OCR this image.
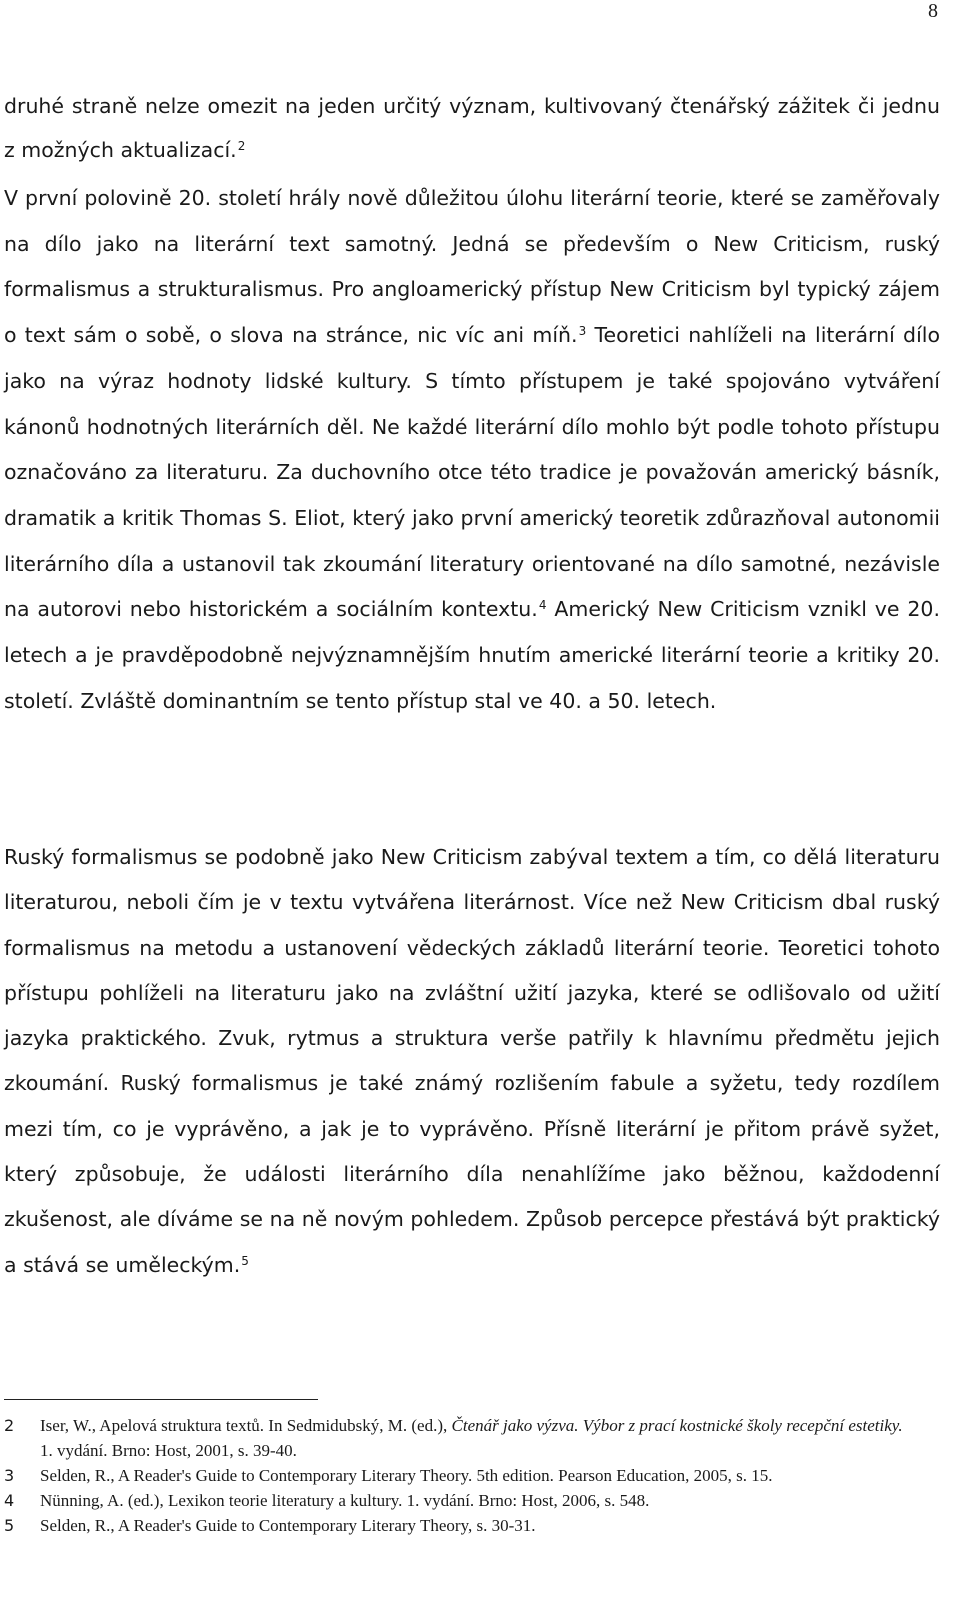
8

druhé straně nelze omezit na jeden určitý význam, kultivovaný čtenářský zážitek či jednu z možných aktualizací.$^2$

V první polovině 20. století hrály nově důležitou úlohu literární teorie, které se zaměřovaly na dílo jako na literární text samotný. Jedná se především o New Criticism, ruský formalismus a strukturalismus. Pro angloamerický přístup New Criticism byl typický zájem o text sám o sobě, o slova na stránce, nic víc ani míň.$^3$ Teoretici nahlíželi na literární dílo jako na výraz hodnoty lidské kultury. S tímto přístupem je také spojováno vytváření kánonů hodnotných literárních děl. Ne každé literární dílo mohlo být podle tohoto přístupu označováno za literaturu. Za duchovního otce této tradice je považován americký básník, dramatik a kritik Thomas S. Eliot, který jako první americký teoretik zdůrazňoval autonomii literárního díla a ustanovil tak zkoumání literatury orientované na dílo samotné, nezávisle na autorovi nebo historickém a sociálním kontextu.$^4$ Americký New Criticism vznikl ve 20. letech a je pravděpodobně nejvýznamnějším hnutím americké literární teorie a kritiky 20. století. Zvláště dominantním se tento přístup stal ve 40. a 50. letech.

Ruský formalismus se podobně jako New Criticism zabýval textem a tím, co dělá literaturu literaturou, neboli čím je v textu vytvářena literárnost. Více než New Criticism dbal ruský formalismus na metodu a ustanovení vědeckých základů literární teorie. Teoretici tohoto přístupu pohlíželi na literaturu jako na zvláštní užití jazyka, které se odlišovalo od užití jazyka praktického. Zvuk, rytmus a struktura verše patřily k hlavnímu předmětu jejich zkoumání. Ruský formalismus je také známý rozlišením fabule a syžetu, tedy rozdílem mezi tím, co je vyprávěno, a jak je to vyprávěno. Přísně literární je přitom právě syžet, který způsobuje, že události literárního díla nenahlížíme jako běžnou, každodenní zkušenost, ale díváme se na ně novým pohledem. Způsob percepce přestává být praktický a stává se uměleckým.$^5$

2 Iser, W., Apelová struktura textů. In Sedmidubský, M. (ed.), Čtenář jako výzva. Výbor z prací kostnické školy recepční estetiky. 1. vydání. Brno: Host, 2001, s. 39-40.
3 Selden, R., A Reader's Guide to Contemporary Literary Theory. 5th edition. Pearson Education, 2005, s. 15.
4 Nünning, A. (ed.), Lexikon teorie literatury a kultury. 1. vydání. Brno: Host, 2006, s. 548.
5 Selden, R., A Reader's Guide to Contemporary Literary Theory, s. 30-31.
